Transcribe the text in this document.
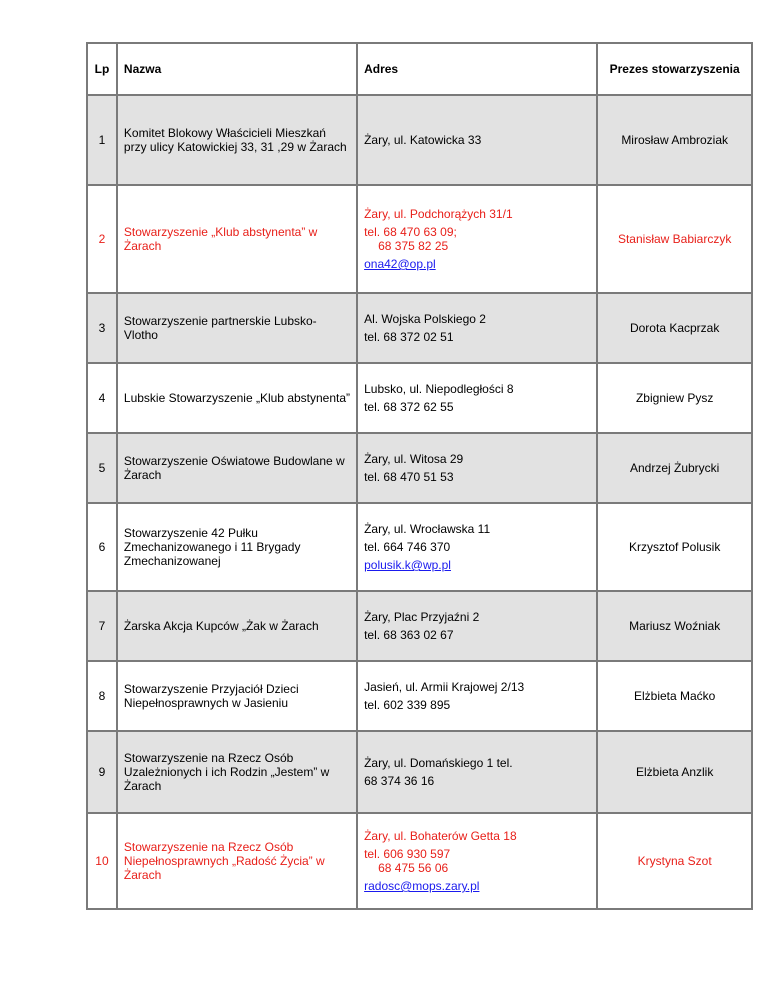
Lp	Nazwa	Adres	Prezes stowarzyszenia
1	Komitet Blokowy Właścicieli Mieszkań przy ulicy Katowickiej 33, 31 ,29 w Żarach	Żary, ul. Katowicka 33	Mirosław Ambroziak
2	Stowarzyszenie „Klub abstynenta” w Żarach	Żary, ul. Podchorążych 31/1
tel. 68 470 63 09;
68 375 82 25
ona42@op.pl	Stanisław Babiarczyk
3	Stowarzyszenie partnerskie Lubsko-Vlotho	Al. Wojska Polskiego 2
tel. 68 372 02 51	Dorota Kacprzak
4	Lubskie Stowarzyszenie „Klub abstynenta”	Lubsko, ul. Niepodległości 8
tel. 68 372 62 55	Zbigniew Pysz
5	Stowarzyszenie Oświatowe Budowlane w Żarach	Żary, ul. Witosa 29
tel. 68 470 51 53	Andrzej Żubrycki
6	Stowarzyszenie 42 Pułku Zmechanizowanego i 11 Brygady Zmechanizowanej	Żary, ul. Wrocławska 11
tel. 664 746 370
polusik.k@wp.pl	Krzysztof Polusik
7	Żarska Akcja Kupców „Żak w Żarach	Żary, Plac Przyjaźni 2
tel. 68 363 02 67	Mariusz Woźniak
8	Stowarzyszenie Przyjaciół Dzieci Niepełnosprawnych w Jasieniu	Jasień, ul. Armii Krajowej 2/13
tel. 602 339 895	Elżbieta Maćko
9	Stowarzyszenie na Rzecz Osób Uzależnionych i ich Rodzin „Jestem” w Żarach	Żary, ul. Domańskiego 1 tel.
68 374 36 16	Elżbieta Anzlik
10	Stowarzyszenie na Rzecz Osób Niepełnosprawnych „Radość Życia” w Żarach	Żary, ul. Bohaterów Getta 18
tel. 606 930 597
68 475 56 06
radosc@mops.zary.pl	Krystyna Szot
